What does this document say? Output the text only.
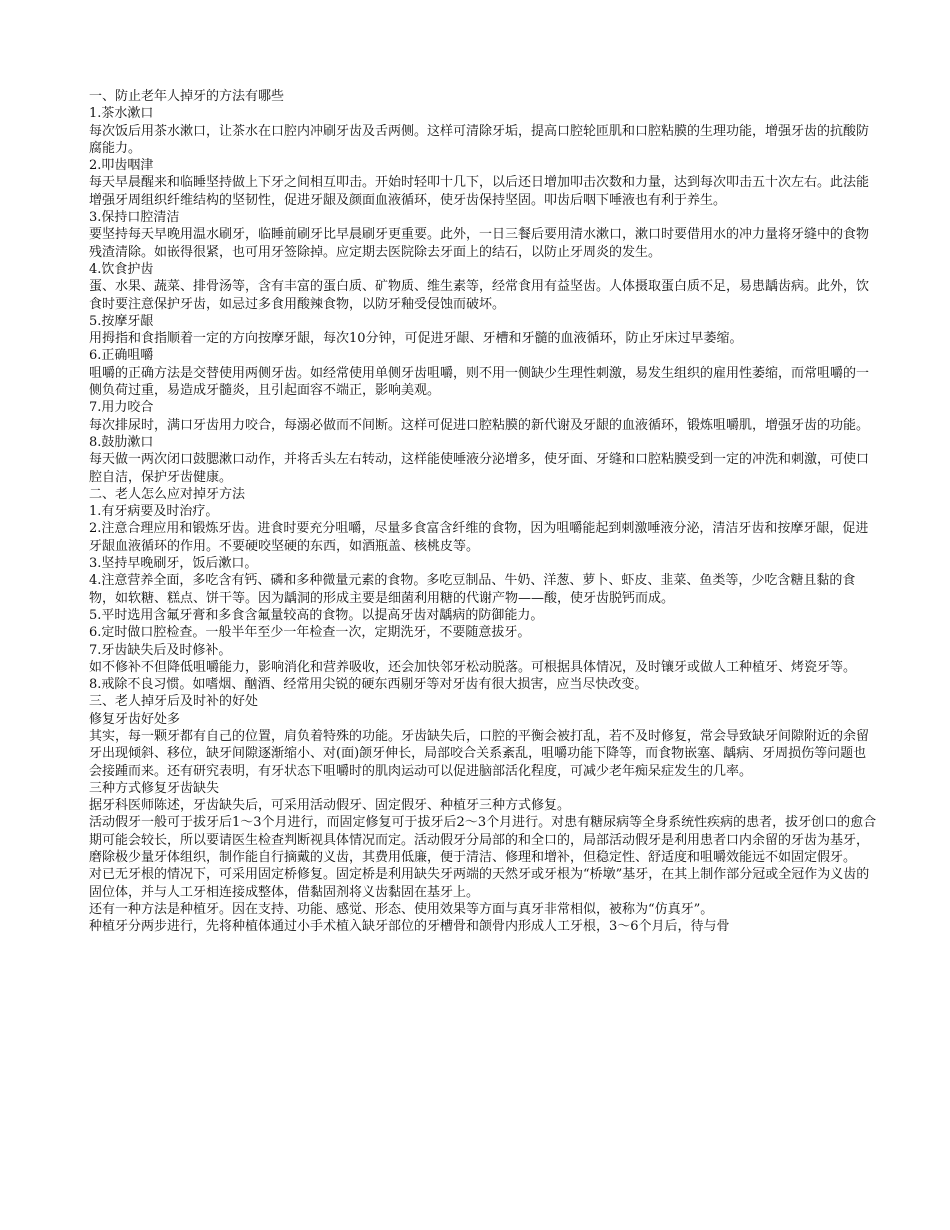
一、防止老年人掉牙的方法有哪些

1.茶水漱口

每次饭后用茶水漱口，让茶水在口腔内冲刷牙齿及舌两侧。这样可清除牙垢，提高口腔轮匝肌和口腔粘膜的生理功能，增强牙齿的抗酸防腐能力。

2.叩齿咽津

每天早晨醒来和临睡坚持做上下牙之间相互叩击。开始时轻叩十几下，以后还日增加叩击次数和力量，达到每次叩击五十次左右。此法能增强牙周组织纤维结构的坚韧性，促进牙龈及颜面血液循环，使牙齿保持坚固。叩齿后咽下唾液也有利于养生。

3.保持口腔清洁

要坚持每天早晚用温水刷牙，临睡前刷牙比早晨刷牙更重要。此外，一日三餐后要用清水漱口，漱口时要借用水的冲力量将牙缝中的食物残渣清除。如嵌得很紧，也可用牙签除掉。应定期去医院除去牙面上的结石，以防止牙周炎的发生。

4.饮食护齿

蛋、水果、蔬菜、排骨汤等，含有丰富的蛋白质、矿物质、维生素等，经常食用有益坚齿。人体摄取蛋白质不足，易患龋齿病。此外，饮食时要注意保护牙齿，如忌过多食用酸辣食物，以防牙釉受侵蚀而破坏。

5.按摩牙龈

用拇指和食指顺着一定的方向按摩牙龈，每次10分钟，可促进牙龈、牙槽和牙髓的血液循环，防止牙床过早萎缩。

6.正确咀嚼

咀嚼的正确方法是交替使用两侧牙齿。如经常使用单侧牙齿咀嚼，则不用一侧缺少生理性刺激，易发生组织的雇用性萎缩，而常咀嚼的一侧负荷过重，易造成牙髓炎，且引起面容不端正，影响美观。

7.用力咬合

每次排尿时，满口牙齿用力咬合，每溺必做而不间断。这样可促进口腔粘膜的新代谢及牙龈的血液循环，锻炼咀嚼肌，增强牙齿的功能。

8.鼓肋漱口

每天做一两次闭口鼓腮漱口动作，并将舌头左右转动，这样能使唾液分泌增多，使牙面、牙缝和口腔粘膜受到一定的冲洗和刺激，可使口腔自洁，保护牙齿健康。

二、老人怎么应对掉牙方法

1.有牙病要及时治疗。

2.注意合理应用和锻炼牙齿。进食时要充分咀嚼，尽量多食富含纤维的食物，因为咀嚼能起到刺激唾液分泌，清洁牙齿和按摩牙龈，促进牙龈血液循环的作用。不要硬咬坚硬的东西，如酒瓶盖、核桃皮等。

3.坚持早晚刷牙，饭后漱口。

4.注意营养全面，多吃含有钙、磷和多种微量元素的食物。多吃豆制品、牛奶、洋葱、萝卜、虾皮、韭菜、鱼类等，少吃含糖且黏的食物，如软糖、糕点、饼干等。因为龋洞的形成主要是细菌利用糖的代谢产物——酸，使牙齿脱钙而成。

5.平时选用含氟牙膏和多食含氟量较高的食物。以提高牙齿对龋病的防御能力。

6.定时做口腔检查。一般半年至少一年检查一次，定期洗牙，不要随意拔牙。

7.牙齿缺失后及时修补。

如不修补不但降低咀嚼能力，影响消化和营养吸收，还会加快邻牙松动脱落。可根据具体情况，及时镶牙或做人工种植牙、烤瓷牙等。

8.戒除不良习惯。如嗜烟、酗酒、经常用尖锐的硬东西剔牙等对牙齿有很大损害，应当尽快改变。

三、老人掉牙后及时补的好处

修复牙齿好处多

其实，每一颗牙都有自己的位置，肩负着特殊的功能。牙齿缺失后，口腔的平衡会被打乱，若不及时修复，常会导致缺牙间隙附近的余留牙出现倾斜、移位，缺牙间隙逐渐缩小、对(面)颌牙伸长，局部咬合关系紊乱，咀嚼功能下降等，而食物嵌塞、龋病、牙周损伤等问题也会接踵而来。还有研究表明，有牙状态下咀嚼时的肌肉运动可以促进脑部活化程度，可减少老年痴呆症发生的几率。

三种方式修复牙齿缺失

据牙科医师陈述，牙齿缺失后，可采用活动假牙、固定假牙、种植牙三种方式修复。

活动假牙一般可于拔牙后1～3个月进行，而固定修复可于拔牙后2～3个月进行。对患有糖尿病等全身系统性疾病的患者，拔牙创口的愈合期可能会较长，所以要请医生检查判断视具体情况而定。活动假牙分局部的和全口的，局部活动假牙是利用患者口内余留的牙齿为基牙，磨除极少量牙体组织，制作能自行摘戴的义齿，其费用低廉，便于清洁、修理和增补，但稳定性、舒适度和咀嚼效能远不如固定假牙。

对已无牙根的情况下，可采用固定桥修复。固定桥是利用缺失牙两端的天然牙或牙根为“桥墩”基牙，在其上制作部分冠或全冠作为义齿的固位体，并与人工牙相连接成整体，借黏固剂将义齿黏固在基牙上。

还有一种方法是种植牙。因在支持、功能、感觉、形态、使用效果等方面与真牙非常相似，被称为“仿真牙”。

种植牙分两步进行，先将种植体通过小手术植入缺牙部位的牙槽骨和颌骨内形成人工牙根，3～6个月后，待与骨
